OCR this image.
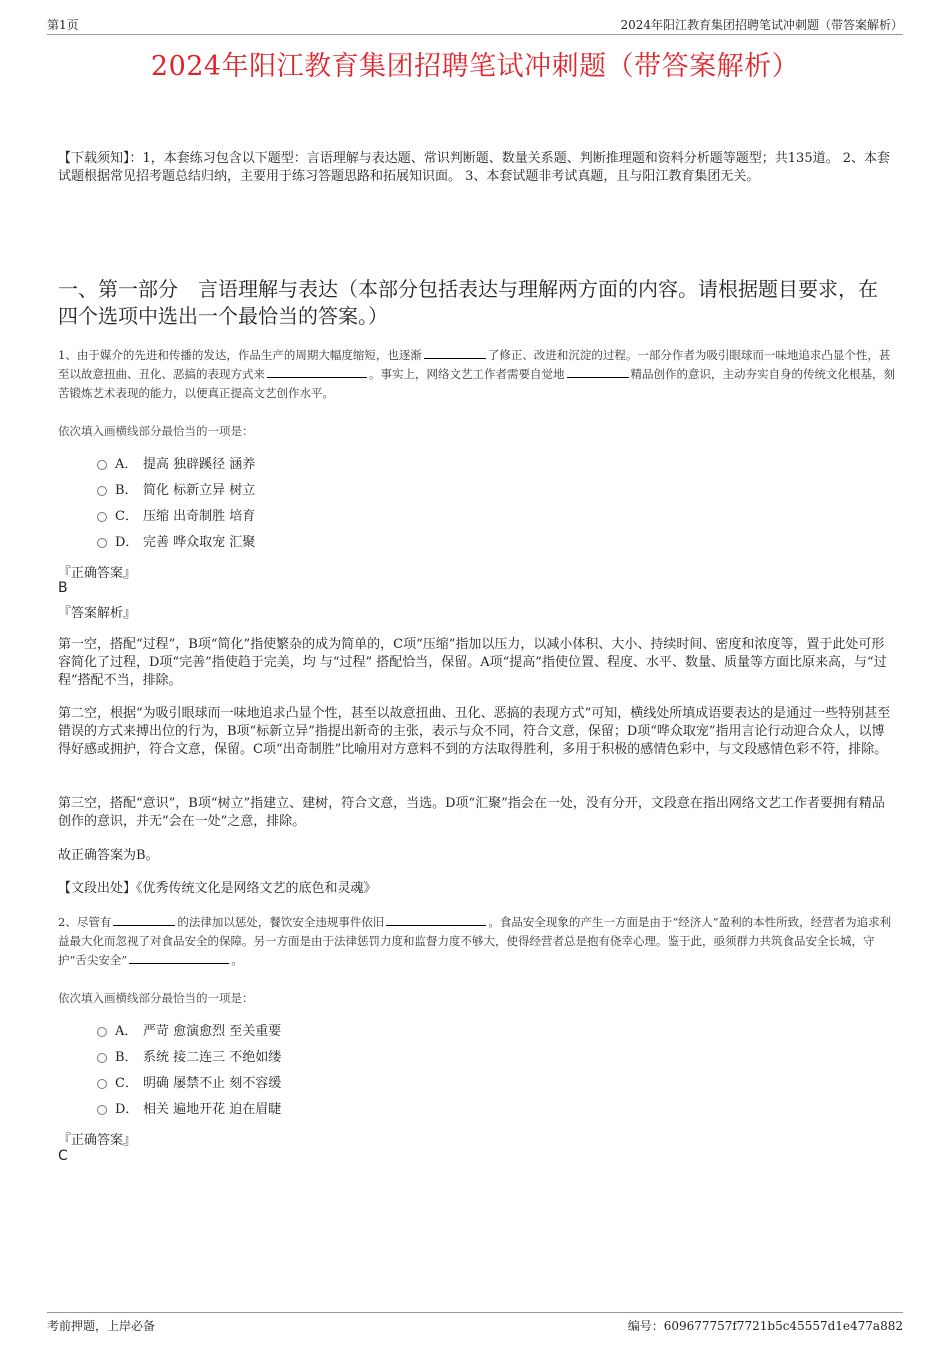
第1页	2024年阳江教育集团招聘笔试冲刺题（带答案解析）
2024年阳江教育集团招聘笔试冲刺题（带答案解析）
【下载须知】：1，本套练习包含以下题型：言语理解与表达题、常识判断题、数量关系题、判断推理题和资料分析题等题型；共135道。 2、本套试题根据常见招考题总结归纳，主要用于练习答题思路和拓展知识面。 3、本套试题非考试真题，且与阳江教育集团无关。
一、第一部分　言语理解与表达（本部分包括表达与理解两方面的内容。请根据题目要求，在四个选项中选出一个最恰当的答案。）
1、由于媒介的先进和传播的发达，作品生产的周期大幅度缩短，也逐渐	了修正、改进和沉淀的过程。一部分作者为吸引眼球而一味地追求凸显个性，甚至以故意扭曲、丑化、恶搞的表现方式来	。事实上，网络文艺工作者需要自觉地	精品创作的意识，主动夯实自身的传统文化根基，刻苦锻炼艺术表现的能力，以便真正提高文艺创作水平。
依次填入画横线部分最恰当的一项是：
A． 提高 独辟蹊径 涵养
B． 简化 标新立异 树立
C． 压缩 出奇制胜 培育
D． 完善 哗众取宠 汇聚
『正确答案』
B
『答案解析』
第一空，搭配“过程”，B项“简化”指使繁杂的成为简单的，C项“压缩”指加以压力，以减小体积、大小、持续时间、密度和浓度等，置于此处可形容简化了过程，D项“完善”指使趋于完美，均 与“过程” 搭配恰当，保留。A项“提高”指使位置、程度、水平、数量、质量等方面比原来高，与“过程”搭配不当，排除。
第二空，根据“为吸引眼球而一味地追求凸显个性，甚至以故意扭曲、丑化、恶搞的表现方式”可知，横线处所填成语要表达的是通过一些特别甚至错误的方式来搏出位的行为，B项“标新立异”指提出新奇的主张，表示与众不同，符合文意，保留；D项“哗众取宠”指用言论行动迎合众人，以博得好感或拥护，符合文意，保留。C项“出奇制胜”比喻用对方意料不到的方法取得胜利，多用于积极的感情色彩中，与文段感情色彩不符，排除。
第三空，搭配“意识”，B项“树立”指建立、建树，符合文意，当选。D项“汇聚”指会在一处，没有分开，文段意在指出网络文艺工作者要拥有精品创作的意识，并无“会在一处”之意，排除。
故正确答案为B。
【文段出处】《优秀传统文化是网络文艺的底色和灵魂》
2、尽管有	的法律加以惩处，餐饮安全违规事件依旧	。食品安全现象的产生一方面是由于“经济人”盈利的本性所致，经营者为追求利益最大化而忽视了对食品安全的保障。另一方面是由于法律惩罚力度和监督力度不够大，使得经营者总是抱有侥幸心理。鉴于此，亟须群力共筑食品安全长城，守护“舌尖安全”	。
依次填入画横线部分最恰当的一项是：
A． 严苛 愈演愈烈 至关重要
B． 系统 接二连三 不绝如缕
C． 明确 屡禁不止 刻不容缓
D． 相关 遍地开花 迫在眉睫
『正确答案』
C
考前押题，上岸必备	编号：609677757f7721b5c45557d1e477a882
